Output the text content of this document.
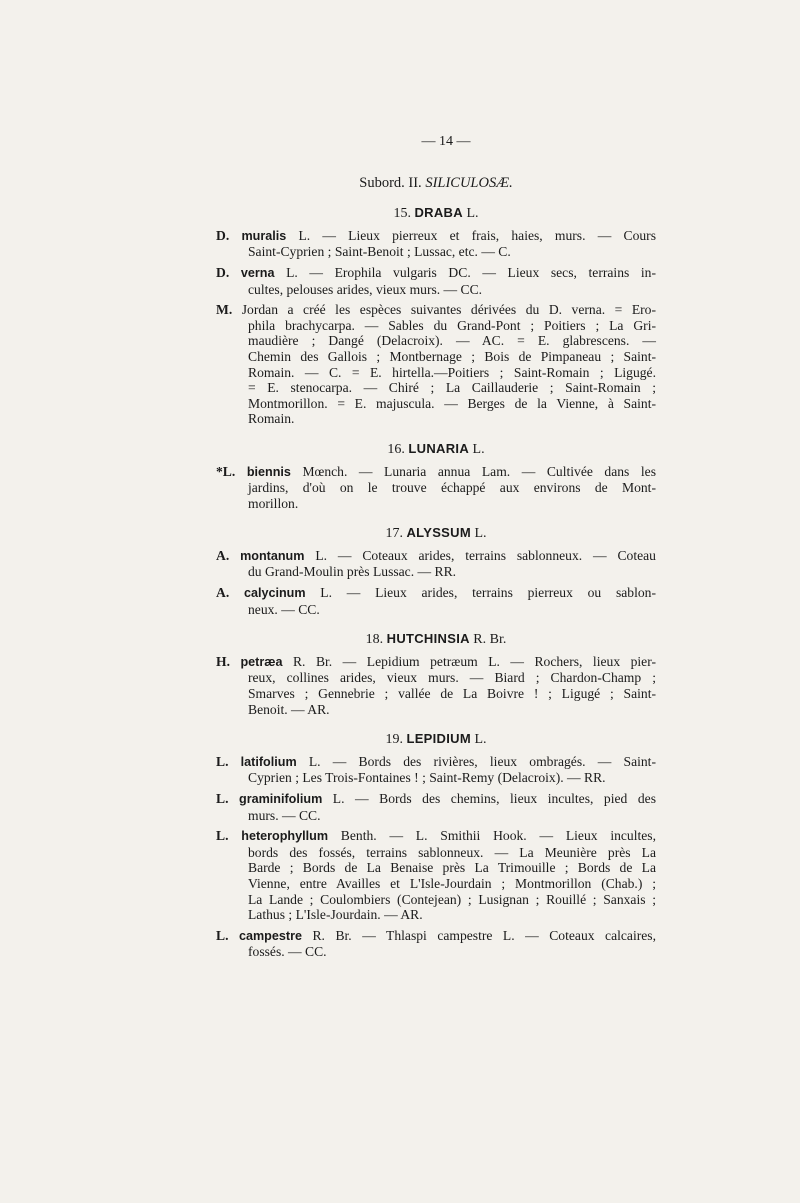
— 14 —
Subord. II. SILICULOSÆ.
15. DRABA L.
D. muralis L. — Lieux pierreux et frais, haies, murs. — Cours
Saint-Cyprien ; Saint-Benoit ; Lussac, etc. — C.
D. verna L. — Erophila vulgaris DC. — Lieux secs, terrains in-
cultes, pelouses arides, vieux murs. — CC.
M. Jordan a créé les espèces suivantes dérivées du D. verna. = Ero-
phila brachycarpa. — Sables du Grand-Pont ; Poitiers ; La Gri-
maudière ; Dangé (Delacroix). — AC. = E. glabrescens. —
Chemin des Gallois ; Montbernage ; Bois de Pimpaneau ; Saint-
Romain. — C. = E. hirtella.—Poitiers ; Saint-Romain ; Ligugé.
= E. stenocarpa. — Chiré ; La Caillauderie ; Saint-Romain ;
Montmorillon. = E. majuscula. — Berges de la Vienne, à Saint-
Romain.
16. LUNARIA L.
*L. biennis Mœnch. — Lunaria annua Lam. — Cultivée dans les
jardins, d'où on le trouve échappé aux environs de Mont-
morillon.
17. ALYSSUM L.
A. montanum L. — Coteaux arides, terrains sablonneux. — Coteau
du Grand-Moulin près Lussac. — RR.
A. calycinum L. — Lieux arides, terrains pierreux ou sablon-
neux. — CC.
18. HUTCHINSIA R. Br.
H. petræa R. Br. — Lepidium petræum L. — Rochers, lieux pier-
reux, collines arides, vieux murs. — Biard ; Chardon-Champ ;
Smarves ; Gennebrie ; vallée de La Boivre ! ; Ligugé ; Saint-
Benoit. — AR.
19. LEPIDIUM L.
L. latifolium L. — Bords des rivières, lieux ombragés. — Saint-
Cyprien ; Les Trois-Fontaines ! ; Saint-Remy (Delacroix). — RR.
L. graminifolium L. — Bords des chemins, lieux incultes, pied des
murs. — CC.
L. heterophyllum Benth. — L. Smithii Hook. — Lieux incultes,
bords des fossés, terrains sablonneux. — La Meunière près La
Barde ; Bords de La Benaise près La Trimouille ; Bords de La
Vienne, entre Availles et L'Isle-Jourdain ; Montmorillon (Chab.) ;
La Lande ; Coulombiers (Contejean) ; Lusignan ; Rouillé ; Sanxais ;
Lathus ; L'Isle-Jourdain. — AR.
L. campestre R. Br. — Thlaspi campestre L. — Coteaux calcaires,
fossés. — CC.
